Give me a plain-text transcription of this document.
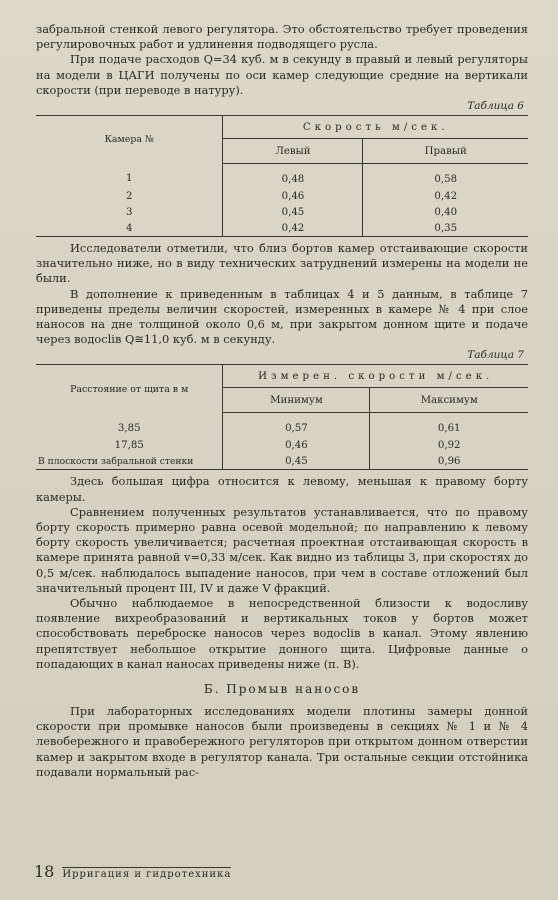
забральной стенкой левого регулятора. Это обстоятельство требует проведения регулировочных работ и удлинения подводящего русла.

При подаче расходов Q=34 куб. м в секунду в правый и левый регуляторы на модели в ЦАГИ получены по оси камер следующие средние на вертикали скорости (при переводе в натуру).

Таблица 6
Камера №	Скорость м/сек.	
	Левый	Правый
1	0,48	0,58
2	0,46	0,42
3	0,45	0,40
4	0,42	0,35

Исследователи отметили, что близ бортов камер отстаивающие скорости значительно ниже, но в виду технических затруднений измерены на модели не были.

В дополнение к приведенным в таблицах 4 и 5 данным, в таблице 7 приведены пределы величин скоростей, измеренных в камере № 4 при слое наносов на дне толщиной около 0,6 м, при закрытом донном щите и подаче через водосliв Q≅11,0 куб. м в секунду.

Таблица 7
Расстояние от щита в м	Измерен. скорости м/сек.	
	Минимум	Максимум
3,85	0,57	0,61
17,85	0,46	0,92
В плоскости забральной стенки	0,45	0,96

Здесь большая цифра относится к левому, меньшая к правому борту камеры.

Сравнением полученных результатов устанавливается, что по правому борту скорость примерно равна осевой модельной; по направлению к левому борту скорость увеличивается; расчетная проектная отстаивающая скорость в камере принята равной v=0,33 м/сек. Как видно из таблицы 3, при скоростях до 0,5 м/сек. наблюдалось выпадение наносов, при чем в составе отложений был значительный процент III, IV и даже V фракций.

Обычно наблюдаемое в непосредственной близости к водосливу появление вихреобразований и вертикальных токов у бортов может способствовать переброске наносов через водосliв в канал. Этому явлению препятствует небольшое открытие донного щита. Цифровые данные о попадающих в канал наносах приведены ниже (п. В).

Б. Промыв наносов

При лабораторных исследованиях модели плотины замеры донной скорости при промывке наносов были произведены в секциях № 1 и № 4 левобережного и правобережного регуляторов при открытом донном отверстии камер и закрытом входе в регулятор канала. Три остальные секции отстойника подавали нормальный рас-

18 Ирригация и гидротехника
